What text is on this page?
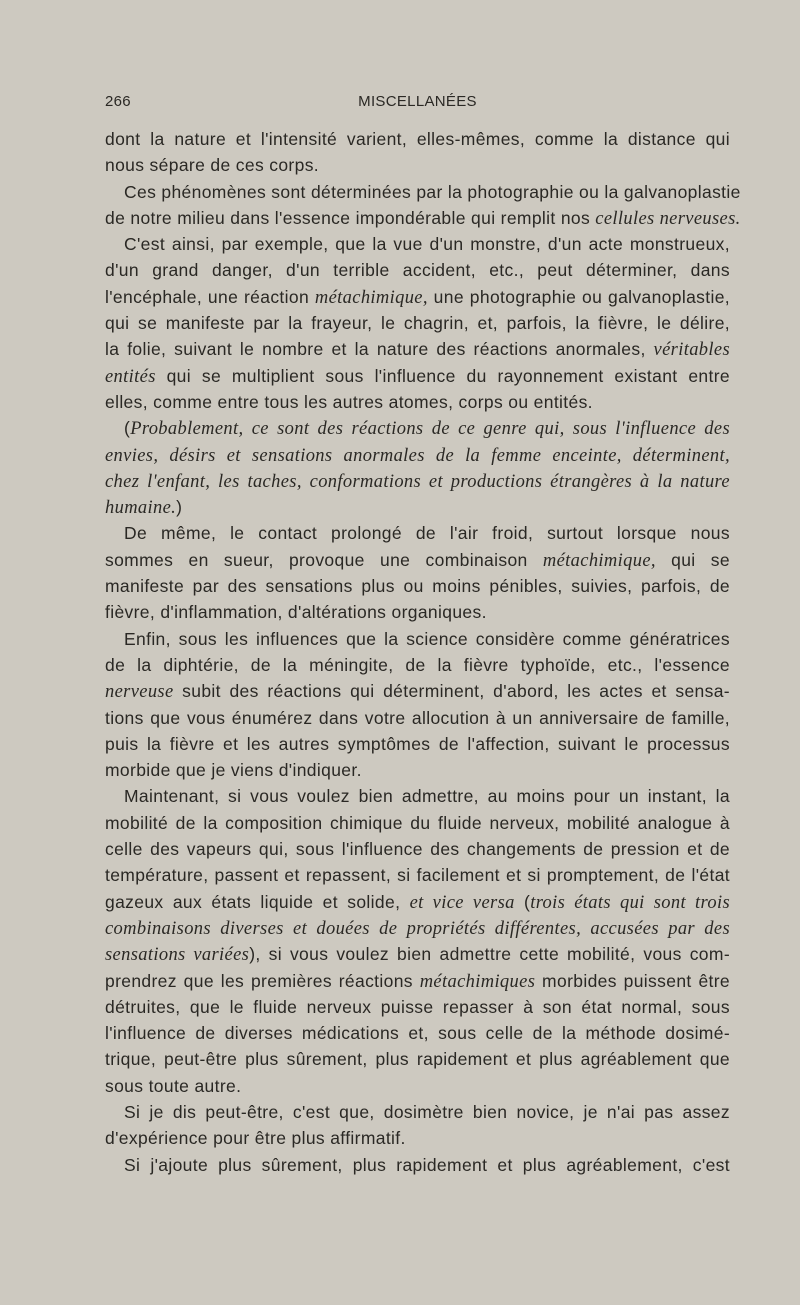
266	MISCELLANÉES
dont la nature et l'intensité varient, elles-mêmes, comme la distance qui
nous sépare de ces corps.
Ces phénomènes sont déterminées par la photographie ou la galvanoplastie
de notre milieu dans l'essence impondérable qui remplit nos cellules nerveuses.
C'est ainsi, par exemple, que la vue d'un monstre, d'un acte monstrueux,
d'un grand danger, d'un terrible accident, etc., peut déterminer, dans
l'encéphale, une réaction métachimique, une photographie ou galvanoplastie,
qui se manifeste par la frayeur, le chagrin, et, parfois, la fièvre, le délire,
la folie, suivant le nombre et la nature des réactions anormales, véritables
entités qui se multiplient sous l'influence du rayonnement existant entre
elles, comme entre tous les autres atomes, corps ou entités.
(Probablement, ce sont des réactions de ce genre qui, sous l'influence des
envies, désirs et sensations anormales de la femme enceinte, déterminent,
chez l'enfant, les taches, conformations et productions étrangères à la nature
humaine.)
De même, le contact prolongé de l'air froid, surtout lorsque nous
sommes en sueur, provoque une combinaison métachimique, qui se
manifeste par des sensations plus ou moins pénibles, suivies, parfois, de
fièvre, d'inflammation, d'altérations organiques.
Enfin, sous les influences que la science considère comme génératrices
de la diphtérie, de la méningite, de la fièvre typhoïde, etc., l'essence
nerveuse subit des réactions qui déterminent, d'abord, les actes et sensa-
tions que vous énumérez dans votre allocution à un anniversaire de famille,
puis la fièvre et les autres symptômes de l'affection, suivant le processus
morbide que je viens d'indiquer.
Maintenant, si vous voulez bien admettre, au moins pour un instant, la
mobilité de la composition chimique du fluide nerveux, mobilité analogue à
celle des vapeurs qui, sous l'influence des changements de pression et de
température, passent et repassent, si facilement et si promptement, de l'état
gazeux aux états liquide et solide, et vice versa (trois états qui sont trois
combinaisons diverses et douées de propriétés différentes, accusées par des
sensations variées), si vous voulez bien admettre cette mobilité, vous com-
prendrez que les premières réactions métachimiques morbides puissent être
détruites, que le fluide nerveux puisse repasser à son état normal, sous
l'influence de diverses médications et, sous celle de la méthode dosimé-
trique, peut-être plus sûrement, plus rapidement et plus agréablement que
sous toute autre.
Si je dis peut-être, c'est que, dosimètre bien novice, je n'ai pas assez
d'expérience pour être plus affirmatif.
Si j'ajoute plus sûrement, plus rapidement et plus agréablement, c'est
